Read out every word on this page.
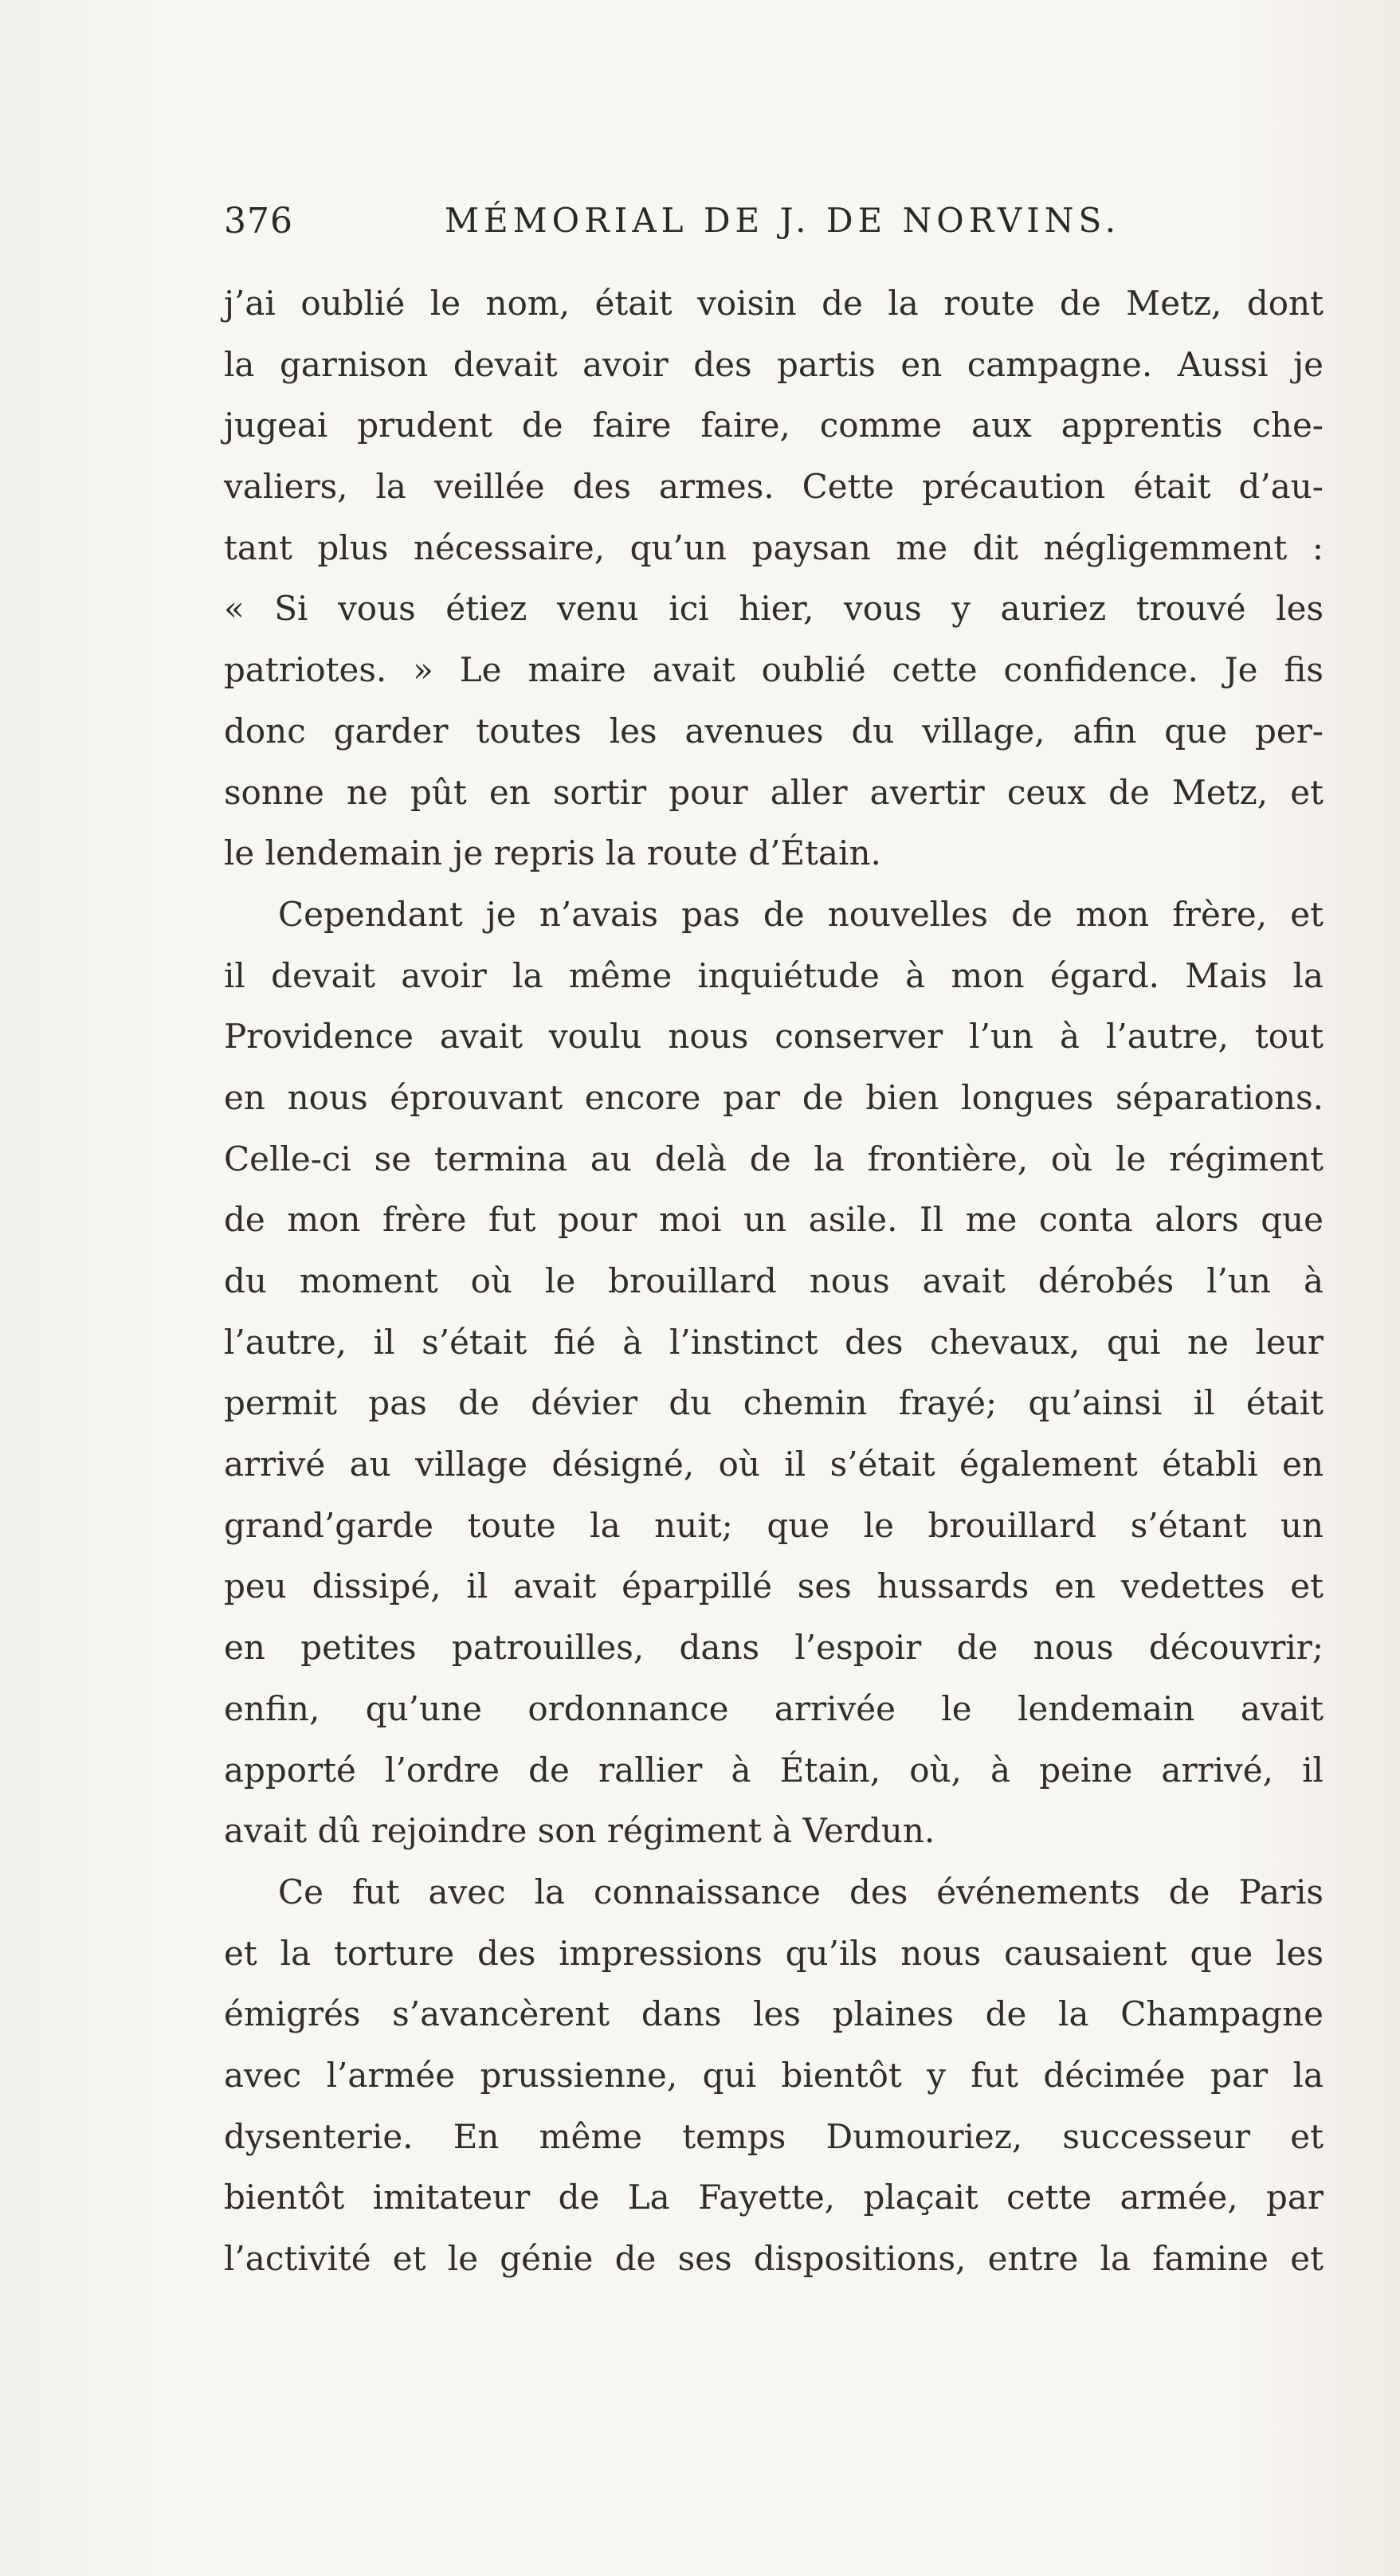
376	MÉMORIAL DE J. DE NORVINS.
j’ai oublié le nom, était voisin de la route de Metz, dont
la garnison devait avoir des partis en campagne. Aussi je
jugeai prudent de faire faire, comme aux apprentis che-
valiers, la veillée des armes. Cette précaution était d’au-
tant plus nécessaire, qu’un paysan me dit négligemment :
« Si vous étiez venu ici hier, vous y auriez trouvé les
patriotes. » Le maire avait oublié cette confidence. Je fis
donc garder toutes les avenues du village, afin que per-
sonne ne pût en sortir pour aller avertir ceux de Metz, et
le lendemain je repris la route d’Étain.
Cependant je n’avais pas de nouvelles de mon frère, et
il devait avoir la même inquiétude à mon égard. Mais la
Providence avait voulu nous conserver l’un à l’autre, tout
en nous éprouvant encore par de bien longues séparations.
Celle-ci se termina au delà de la frontière, où le régiment
de mon frère fut pour moi un asile. Il me conta alors que
du moment où le brouillard nous avait dérobés l’un à
l’autre, il s’était fié à l’instinct des chevaux, qui ne leur
permit pas de dévier du chemin frayé; qu’ainsi il était
arrivé au village désigné, où il s’était également établi en
grand’garde toute la nuit; que le brouillard s’étant un
peu dissipé, il avait éparpillé ses hussards en vedettes et
en petites patrouilles, dans l’espoir de nous découvrir;
enfin, qu’une ordonnance arrivée le lendemain avait
apporté l’ordre de rallier à Étain, où, à peine arrivé, il
avait dû rejoindre son régiment à Verdun.
Ce fut avec la connaissance des événements de Paris
et la torture des impressions qu’ils nous causaient que les
émigrés s’avancèrent dans les plaines de la Champagne
avec l’armée prussienne, qui bientôt y fut décimée par la
dysenterie. En même temps Dumouriez, successeur et
bientôt imitateur de La Fayette, plaçait cette armée, par
l’activité et le génie de ses dispositions, entre la famine et
